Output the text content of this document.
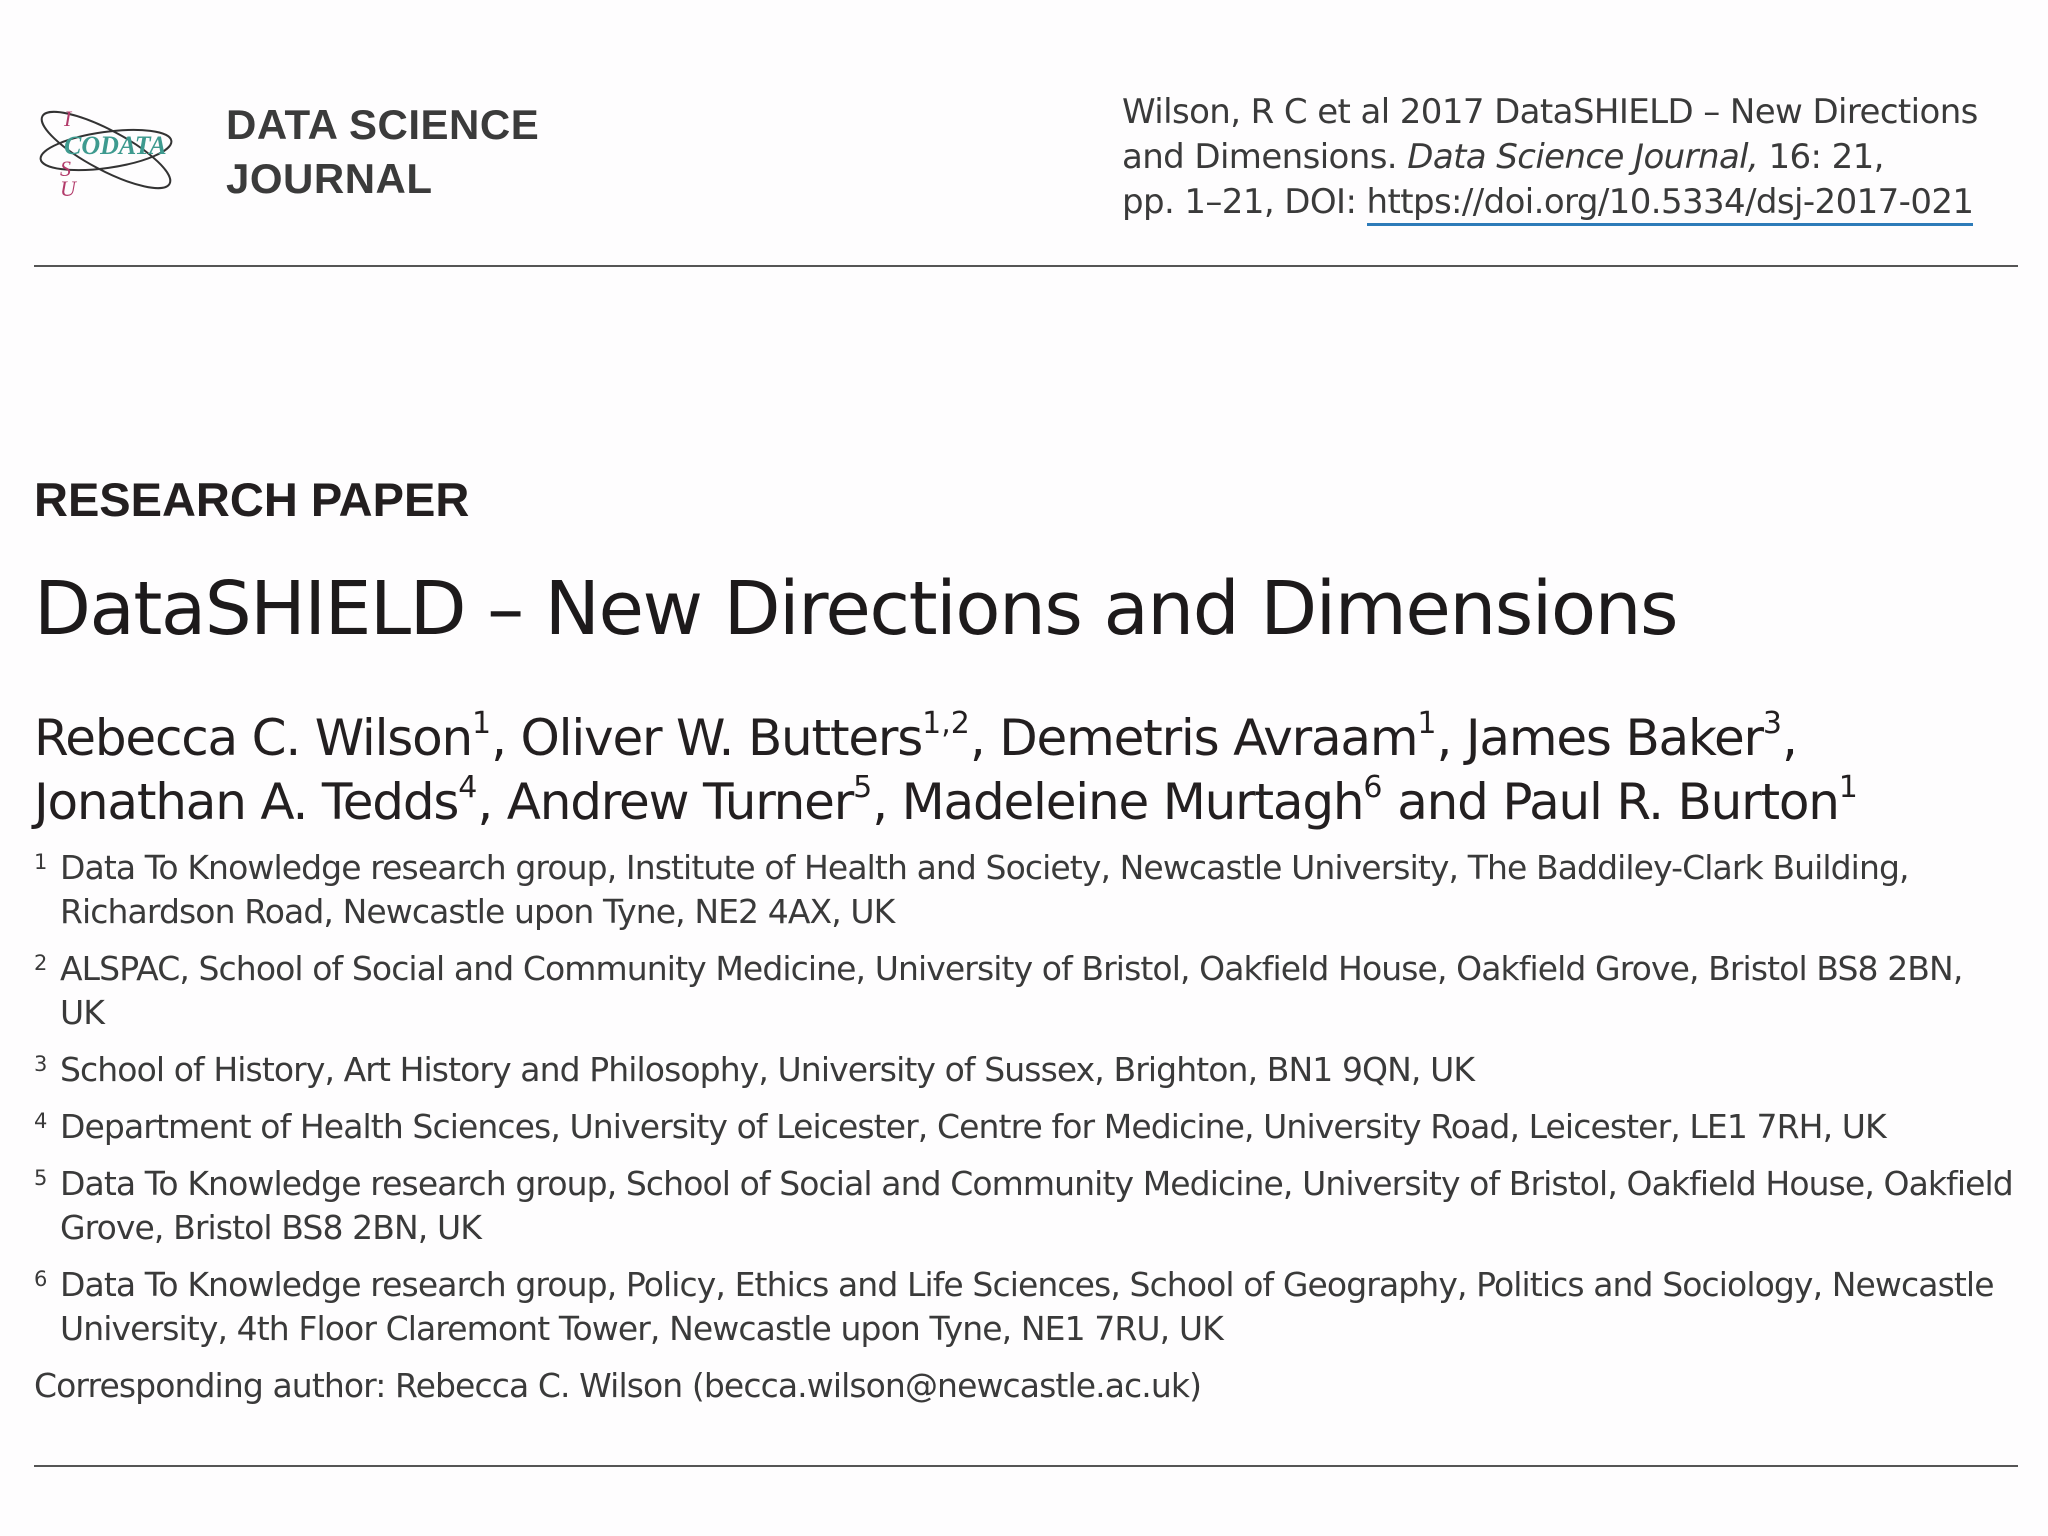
CODATA
I
S
U
DATA SCIENCE
JOURNAL
Wilson, R C et al 2017 DataSHIELD – New Directions
and Dimensions. Data Science Journal, 16: 21,
pp. 1–21, DOI: https://doi.org/10.5334/dsj-2017-021
RESEARCH PAPER
DataSHIELD – New Directions and Dimensions
Rebecca C. Wilson$^1$, Oliver W. Butters$^{1,2}$, Demetris Avraam$^1$, James Baker$^3$,
Jonathan A. Tedds$^4$, Andrew Turner$^5$, Madeleine Murtagh$^6$ and Paul R. Burton$^1$
1 Data To Knowledge research group, Institute of Health and Society, Newcastle University, The Baddiley-Clark Building, Richardson Road, Newcastle upon Tyne, NE2 4AX, UK
2 ALSPAC, School of Social and Community Medicine, University of Bristol, Oakfield House, Oakfield Grove, Bristol BS8 2BN, UK
3 School of History, Art History and Philosophy, University of Sussex, Brighton, BN1 9QN, UK
4 Department of Health Sciences, University of Leicester, Centre for Medicine, University Road, Leicester, LE1 7RH, UK
5 Data To Knowledge research group, School of Social and Community Medicine, University of Bristol, Oakfield House, Oakfield Grove, Bristol BS8 2BN, UK
6 Data To Knowledge research group, Policy, Ethics and Life Sciences, School of Geography, Politics and Sociology, Newcastle University, 4th Floor Claremont Tower, Newcastle upon Tyne, NE1 7RU, UK
Corresponding author: Rebecca C. Wilson (becca.wilson@newcastle.ac.uk)
